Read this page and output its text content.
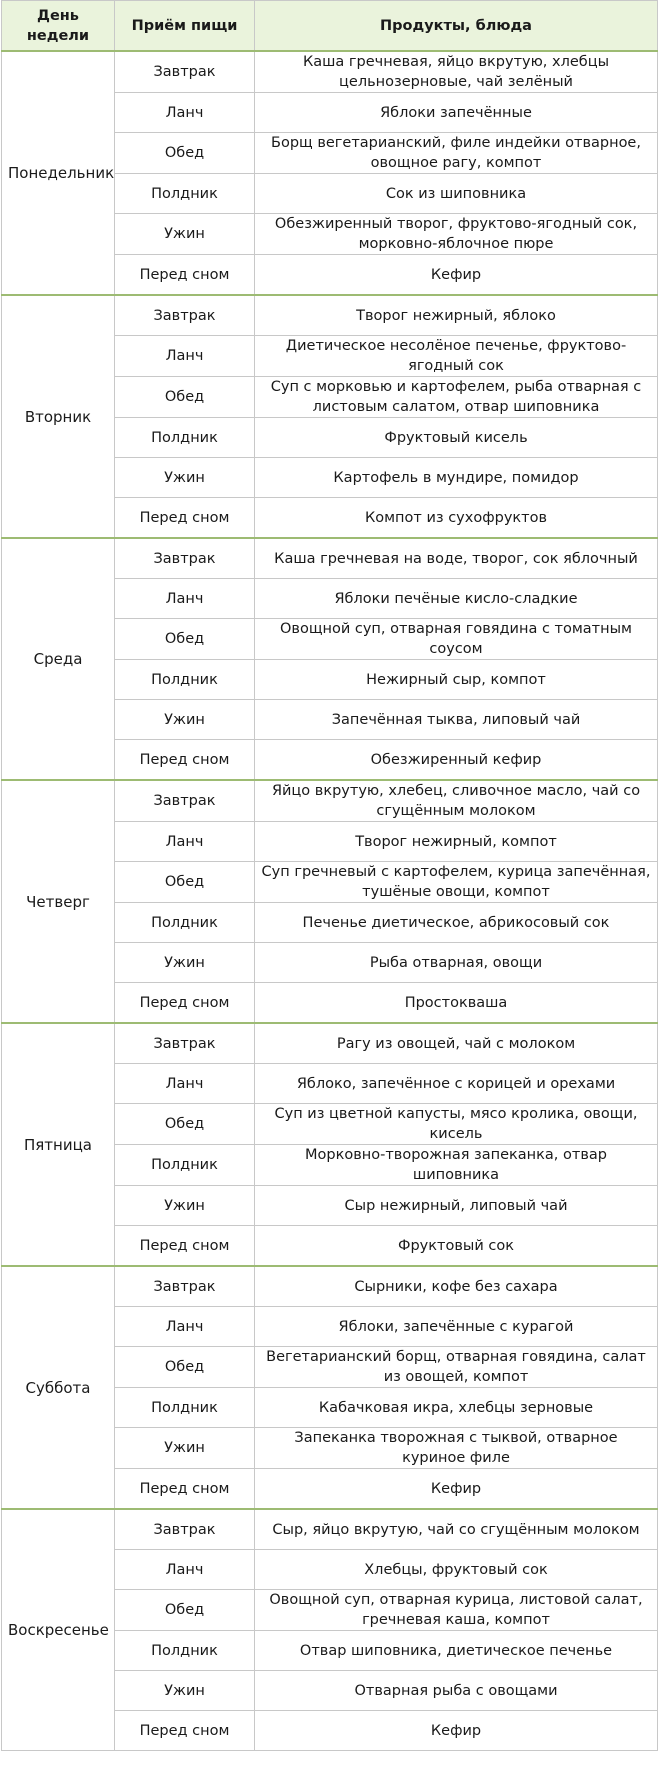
День недели	Приём пищи	Продукты, блюда
Понедельник	Завтрак	Каша гречневая, яйцо вкрутую, хлебцы цельнозерновые, чай зелёный
	Ланч	Яблоки запечённые
	Обед	Борщ вегетарианский, филе индейки отварное, овощное рагу, компот
	Полдник	Сок из шиповника
	Ужин	Обезжиренный творог, фруктово-ягодный сок, морковно-яблочное пюре
	Перед сном	Кефир
Вторник	Завтрак	Творог нежирный, яблоко
	Ланч	Диетическое несолёное печенье, фруктово-ягодный сок
	Обед	Суп с морковью и картофелем, рыба отварная с листовым салатом, отвар шиповника
	Полдник	Фруктовый кисель
	Ужин	Картофель в мундире, помидор
	Перед сном	Компот из сухофруктов
Среда	Завтрак	Каша гречневая на воде, творог, сок яблочный
	Ланч	Яблоки печёные кисло-сладкие
	Обед	Овощной суп, отварная говядина с томатным соусом
	Полдник	Нежирный сыр, компот
	Ужин	Запечённая тыква, липовый чай
	Перед сном	Обезжиренный кефир
Четверг	Завтрак	Яйцо вкрутую, хлебец, сливочное масло, чай со сгущённым молоком
	Ланч	Творог нежирный, компот
	Обед	Суп гречневый с картофелем, курица запечённая, тушёные овощи, компот
	Полдник	Печенье диетическое, абрикосовый сок
	Ужин	Рыба отварная, овощи
	Перед сном	Простокваша
Пятница	Завтрак	Рагу из овощей, чай с молоком
	Ланч	Яблоко, запечённое с корицей и орехами
	Обед	Суп из цветной капусты, мясо кролика, овощи, кисель
	Полдник	Морковно-творожная запеканка, отвар шиповника
	Ужин	Сыр нежирный, липовый чай
	Перед сном	Фруктовый сок
Суббота	Завтрак	Сырники, кофе без сахара
	Ланч	Яблоки, запечённые с курагой
	Обед	Вегетарианский борщ, отварная говядина, салат из овощей, компот
	Полдник	Кабачковая икра, хлебцы зерновые
	Ужин	Запеканка творожная с тыквой, отварное куриное филе
	Перед сном	Кефир
Воскресенье	Завтрак	Сыр, яйцо вкрутую, чай со сгущённым молоком
	Ланч	Хлебцы, фруктовый сок
	Обед	Овощной суп, отварная курица, листовой салат, гречневая каша, компот
	Полдник	Отвар шиповника, диетическое печенье
	Ужин	Отварная рыба с овощами
	Перед сном	Кефир
